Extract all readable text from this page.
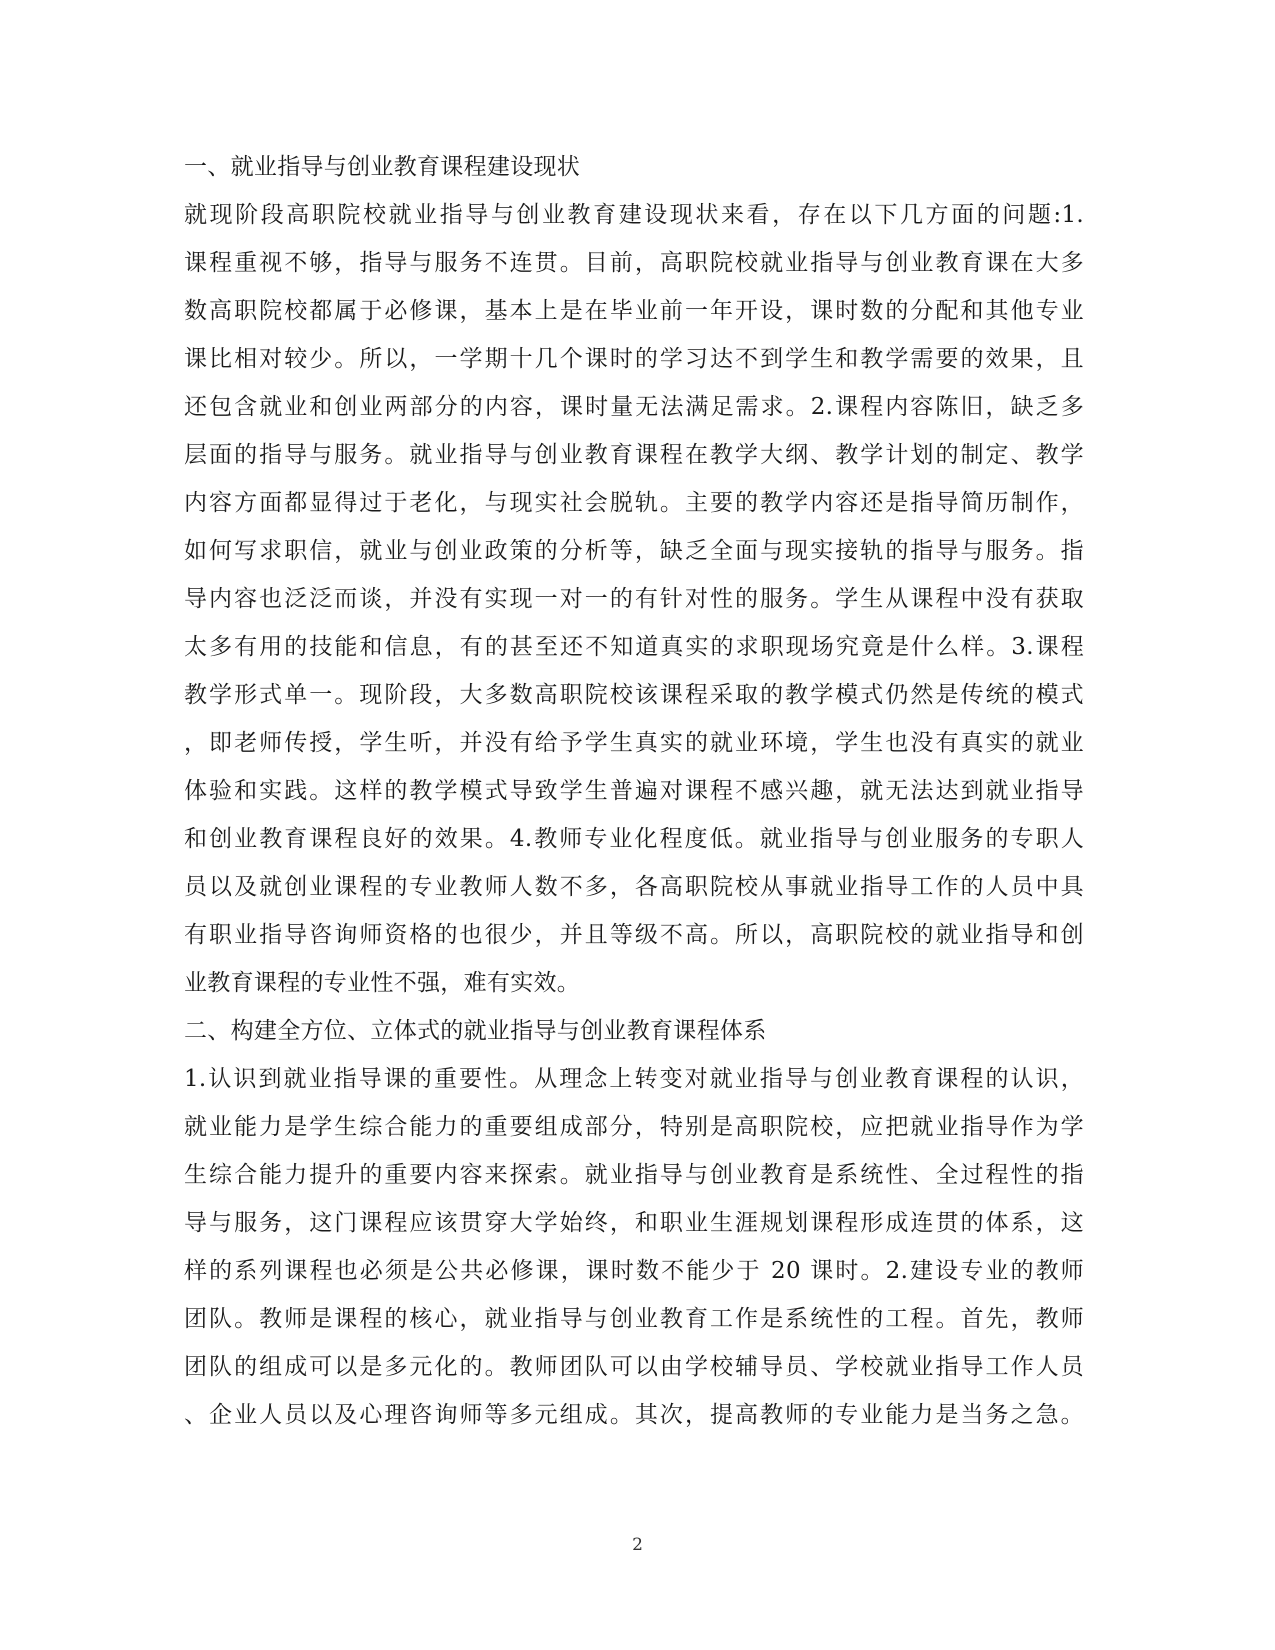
一、就业指导与创业教育课程建设现状
就现阶段高职院校就业指导与创业教育建设现状来看，存在以下几方面的问题:1.
课程重视不够，指导与服务不连贯。目前，高职院校就业指导与创业教育课在大多
数高职院校都属于必修课，基本上是在毕业前一年开设，课时数的分配和其他专业
课比相对较少。所以，一学期十几个课时的学习达不到学生和教学需要的效果，且
还包含就业和创业两部分的内容，课时量无法满足需求。2.课程内容陈旧，缺乏多
层面的指导与服务。就业指导与创业教育课程在教学大纲、教学计划的制定、教学
内容方面都显得过于老化，与现实社会脱轨。主要的教学内容还是指导简历制作，
如何写求职信，就业与创业政策的分析等，缺乏全面与现实接轨的指导与服务。指
导内容也泛泛而谈，并没有实现一对一的有针对性的服务。学生从课程中没有获取
太多有用的技能和信息，有的甚至还不知道真实的求职现场究竟是什么样。3.课程
教学形式单一。现阶段，大多数高职院校该课程采取的教学模式仍然是传统的模式
，即老师传授，学生听，并没有给予学生真实的就业环境，学生也没有真实的就业
体验和实践。这样的教学模式导致学生普遍对课程不感兴趣，就无法达到就业指导
和创业教育课程良好的效果。4.教师专业化程度低。就业指导与创业服务的专职人
员以及就创业课程的专业教师人数不多，各高职院校从事就业指导工作的人员中具
有职业指导咨询师资格的也很少，并且等级不高。所以，高职院校的就业指导和创
业教育课程的专业性不强，难有实效。
二、构建全方位、立体式的就业指导与创业教育课程体系
1.认识到就业指导课的重要性。从理念上转变对就业指导与创业教育课程的认识，
就业能力是学生综合能力的重要组成部分，特别是高职院校，应把就业指导作为学
生综合能力提升的重要内容来探索。就业指导与创业教育是系统性、全过程性的指
导与服务，这门课程应该贯穿大学始终，和职业生涯规划课程形成连贯的体系，这
样的系列课程也必须是公共必修课，课时数不能少于 20 课时。2.建设专业的教师
团队。教师是课程的核心，就业指导与创业教育工作是系统性的工程。首先，教师
团队的组成可以是多元化的。教师团队可以由学校辅导员、学校就业指导工作人员
、企业人员以及心理咨询师等多元组成。其次，提高教师的专业能力是当务之急。
2
